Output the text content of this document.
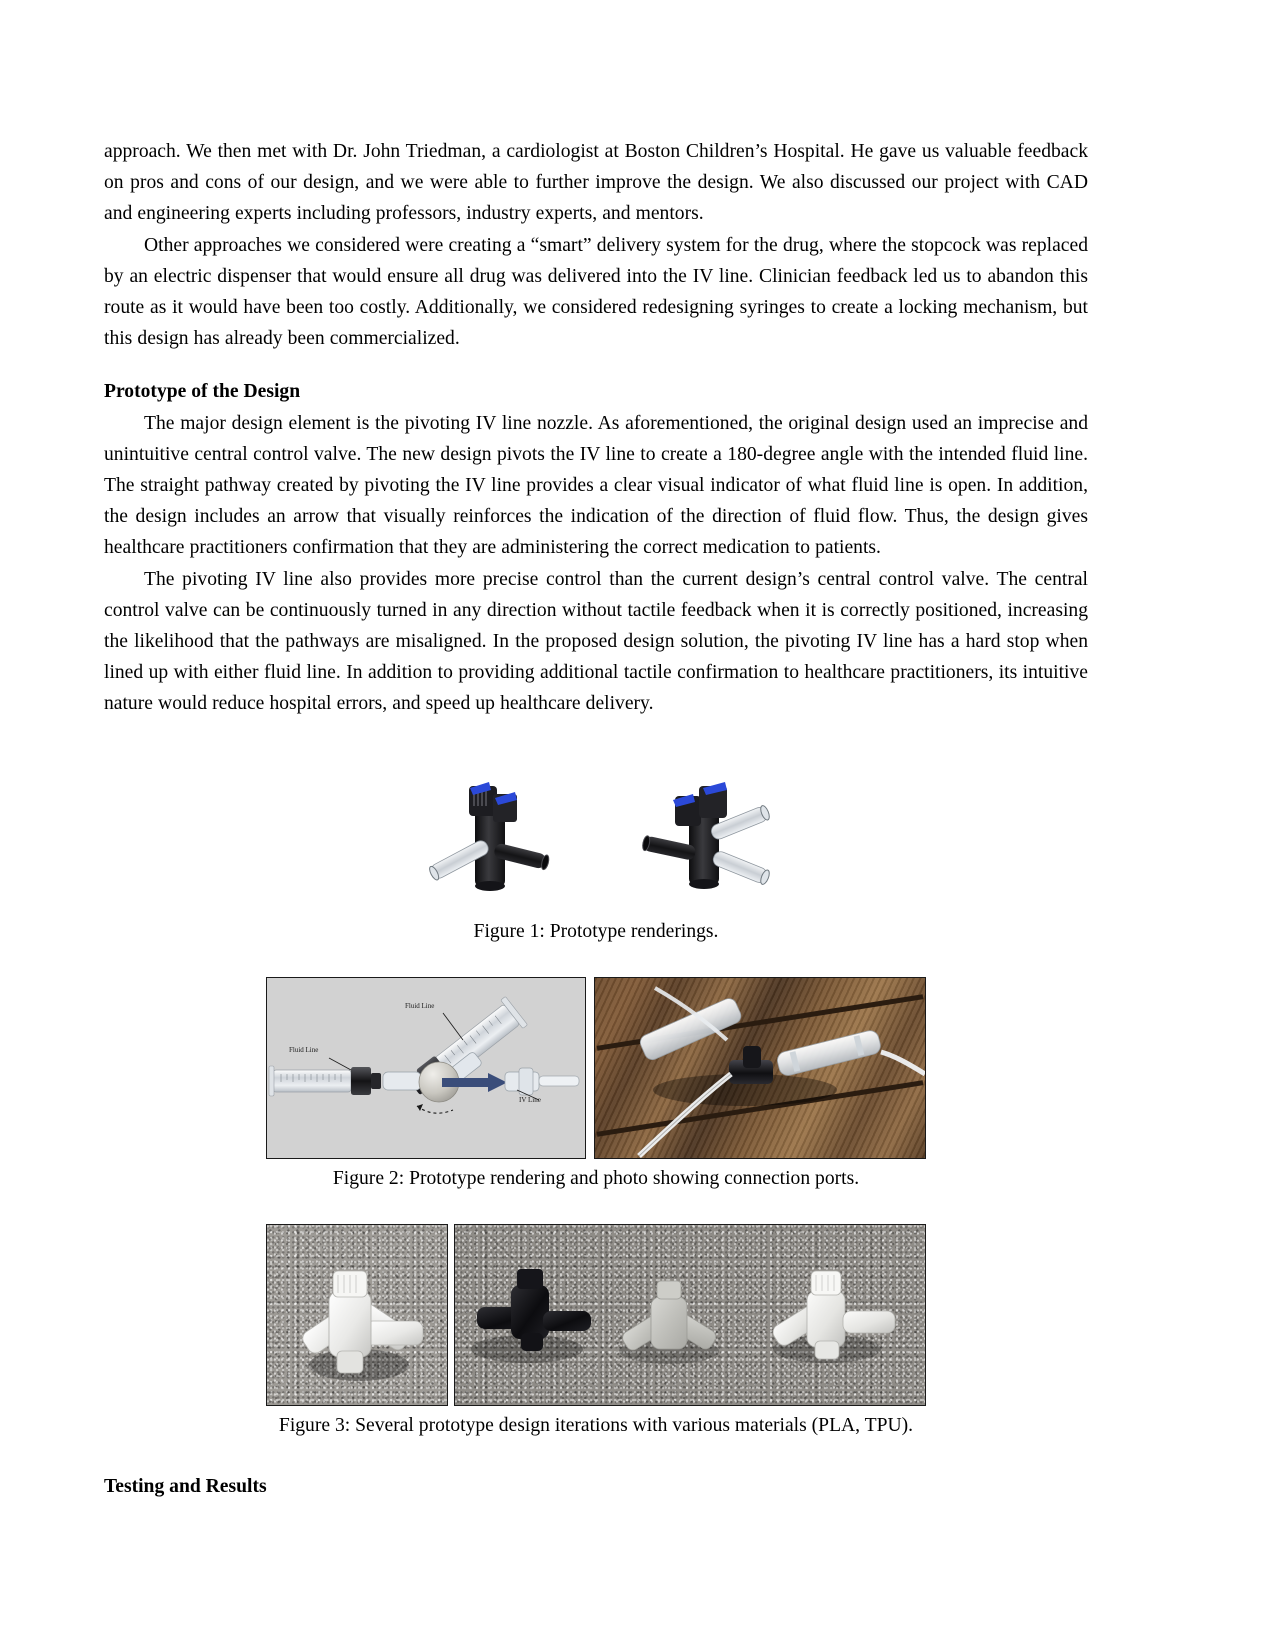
approach. We then met with Dr. John Triedman, a cardiologist at Boston Children’s Hospital. He gave us valuable feedback on pros and cons of our design, and we were able to further improve the design. We also discussed our project with CAD and engineering experts including professors, industry experts, and mentors.

Other approaches we considered were creating a “smart” delivery system for the drug, where the stopcock was replaced by an electric dispenser that would ensure all drug was delivered into the IV line. Clinician feedback led us to abandon this route as it would have been too costly. Additionally, we considered redesigning syringes to create a locking mechanism, but this design has already been commercialized.

Prototype of the Design

The major design element is the pivoting IV line nozzle. As aforementioned, the original design used an imprecise and unintuitive central control valve. The new design pivots the IV line to create a 180-degree angle with the intended fluid line. The straight pathway created by pivoting the IV line provides a clear visual indicator of what fluid line is open. In addition, the design includes an arrow that visually reinforces the indication of the direction of fluid flow. Thus, the design gives healthcare practitioners confirmation that they are administering the correct medication to patients.

The pivoting IV line also provides more precise control than the current design’s central control valve. The central control valve can be continuously turned in any direction without tactile feedback when it is correctly positioned, increasing the likelihood that the pathways are misaligned. In the proposed design solution, the pivoting IV line has a hard stop when lined up with either fluid line. In addition to providing additional tactile confirmation to healthcare practitioners, its intuitive nature would reduce hospital errors, and speed up healthcare delivery.

Figure 1: Prototype renderings.
Fluid Line
Fluid Line
IV Line
Figure 2: Prototype rendering and photo showing connection ports.
Figure 3: Several prototype design iterations with various materials (PLA, TPU).
Testing and Results
